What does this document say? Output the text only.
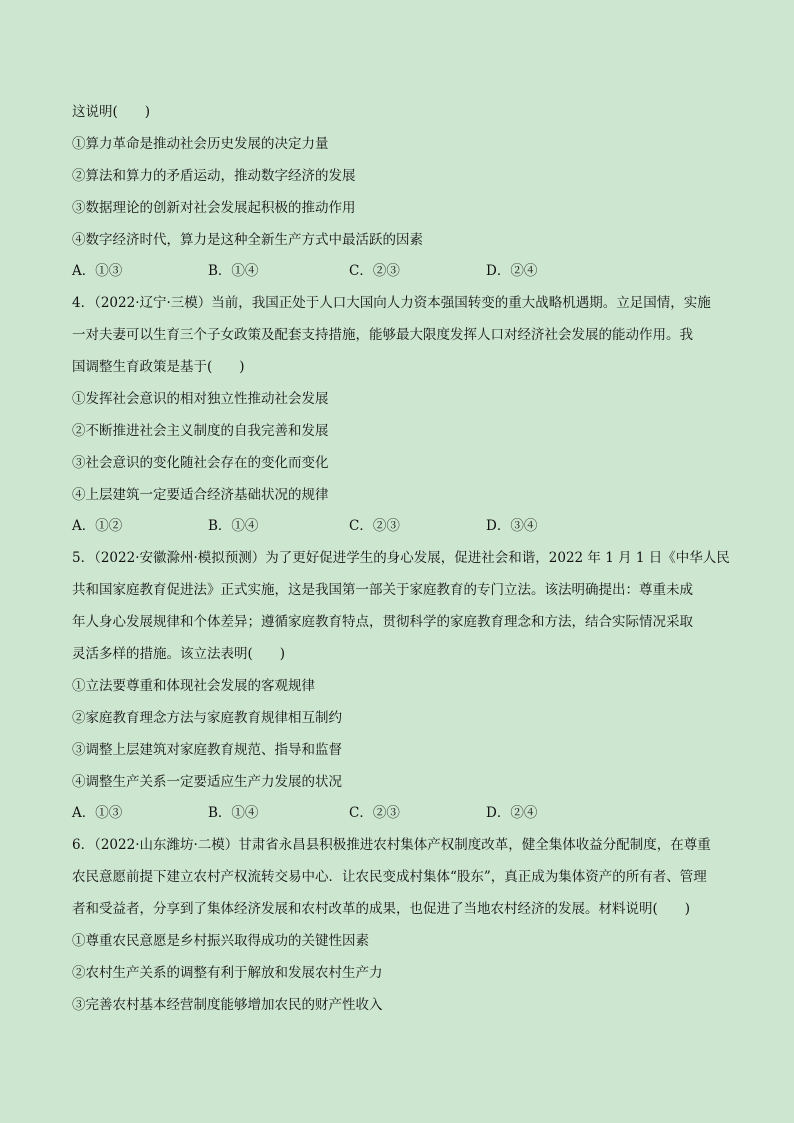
这说明(　　)
①算力革命是推动社会历史发展的决定力量
②算法和算力的矛盾运动，推动数字经济的发展
③数据理论的创新对社会发展起积极的推动作用
④数字经济时代，算力是这种全新生产方式中最活跃的因素
A．①③	B．①④	C．②③	D．②④
4．（2022·辽宁·三模）当前，我国正处于人口大国向人力资本强国转变的重大战略机遇期。立足国情，实施
一对夫妻可以生育三个子女政策及配套支持措施，能够最大限度发挥人口对经济社会发展的能动作用。我
国调整生育政策是基于(　　)
①发挥社会意识的相对独立性推动社会发展
②不断推进社会主义制度的自我完善和发展
③社会意识的变化随社会存在的变化而变化
④上层建筑一定要适合经济基础状况的规律
A．①②	B．①④	C．②③	D．③④
5．（2022·安徽滁州·模拟预测）为了更好促进学生的身心发展，促进社会和谐，2022 年 1 月 1 日《中华人民
共和国家庭教育促进法》正式实施，这是我国第一部关于家庭教育的专门立法。该法明确提出：尊重未成
年人身心发展规律和个体差异；遵循家庭教育特点，贯彻科学的家庭教育理念和方法，结合实际情况采取
灵活多样的措施。该立法表明(　　)
①立法要尊重和体现社会发展的客观规律
②家庭教育理念方法与家庭教育规律相互制约
③调整上层建筑对家庭教育规范、指导和监督
④调整生产关系一定要适应生产力发展的状况
A．①③	B．①④	C．②③	D．②④
6．（2022·山东潍坊·二模）甘肃省永昌县积极推进农村集体产权制度改革，健全集体收益分配制度，在尊重
农民意愿前提下建立农村产权流转交易中心．让农民变成村集体“股东”，真正成为集体资产的所有者、管理
者和受益者，分享到了集体经济发展和农村改革的成果，也促进了当地农村经济的发展。材料说明(　　)
①尊重农民意愿是乡村振兴取得成功的关键性因素
②农村生产关系的调整有利于解放和发展农村生产力
③完善农村基本经营制度能够增加农民的财产性收入
